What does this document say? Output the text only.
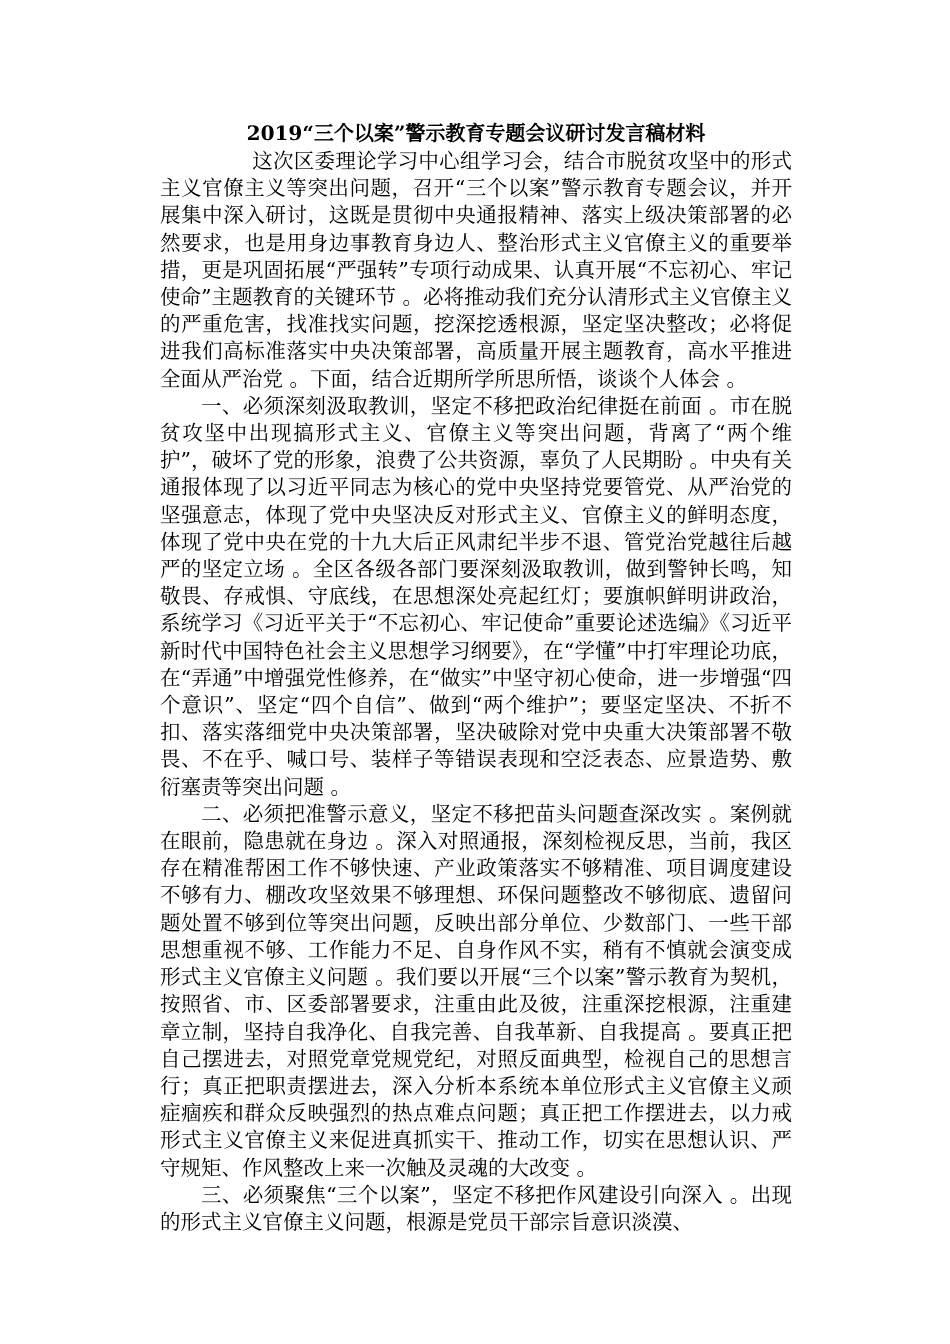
2019“三个以案”警示教育专题会议研讨发言稿材料

这次区委理论学习中心组学习会，结合市脱贫攻坚中的形式主义官僚主义等突出问题，召开“三个以案”警示教育专题会议，并开展集中深入研讨，这既是贯彻中央通报精神、落实上级决策部署的必然要求，也是用身边事教育身边人、整治形式主义官僚主义的重要举措，更是巩固拓展“严强转”专项行动成果、认真开展“不忘初心、牢记使命”主题教育的关键环节 。必将推动我们充分认清形式主义官僚主义的严重危害，找准找实问题，挖深挖透根源，坚定坚决整改；必将促进我们高标准落实中央决策部署，高质量开展主题教育，高水平推进全面从严治党 。下面，结合近期所学所思所悟，谈谈个人体会 。

一、必须深刻汲取教训，坚定不移把政治纪律挺在前面 。市在脱贫攻坚中出现搞形式主义、官僚主义等突出问题，背离了“两个维护”，破坏了党的形象，浪费了公共资源，辜负了人民期盼 。中央有关通报体现了以习近平同志为核心的党中央坚持党要管党、从严治党的坚强意志，体现了党中央坚决反对形式主义、官僚主义的鲜明态度，体现了党中央在党的十九大后正风肃纪半步不退、管党治党越往后越严的坚定立场 。全区各级各部门要深刻汲取教训，做到警钟长鸣，知敬畏、存戒惧、守底线，在思想深处亮起红灯；要旗帜鲜明讲政治，系统学习《习近平关于“不忘初心、牢记使命”重要论述选编》《习近平新时代中国特色社会主义思想学习纲要》，在“学懂”中打牢理论功底，在“弄通”中增强党性修养，在“做实”中坚守初心使命，进一步增强“四个意识”、坚定“四个自信”、做到“两个维护”；要坚定坚决、不折不扣、落实落细党中央决策部署，坚决破除对党中央重大决策部署不敬畏、不在乎、喊口号、装样子等错误表现和空泛表态、应景造势、敷衍塞责等突出问题 。

二、必须把准警示意义，坚定不移把苗头问题查深改实 。案例就在眼前，隐患就在身边 。深入对照通报，深刻检视反思，当前，我区存在精准帮困工作不够快速、产业政策落实不够精准、项目调度建设不够有力、棚改攻坚效果不够理想、环保问题整改不够彻底、遗留问题处置不够到位等突出问题，反映出部分单位、少数部门、一些干部思想重视不够、工作能力不足、自身作风不实，稍有不慎就会演变成形式主义官僚主义问题 。我们要以开展“三个以案”警示教育为契机，按照省、市、区委部署要求，注重由此及彼，注重深挖根源，注重建章立制，坚持自我净化、自我完善、自我革新、自我提高 。要真正把自己摆进去，对照党章党规党纪，对照反面典型，检视自己的思想言行；真正把职责摆进去，深入分析本系统本单位形式主义官僚主义顽症痼疾和群众反映强烈的热点难点问题；真正把工作摆进去，以力戒形式主义官僚主义来促进真抓实干、推动工作，切实在思想认识、严守规矩、作风整改上来一次触及灵魂的大改变 。

三、必须聚焦“三个以案”，坚定不移把作风建设引向深入 。出现的形式主义官僚主义问题，根源是党员干部宗旨意识淡漠、
